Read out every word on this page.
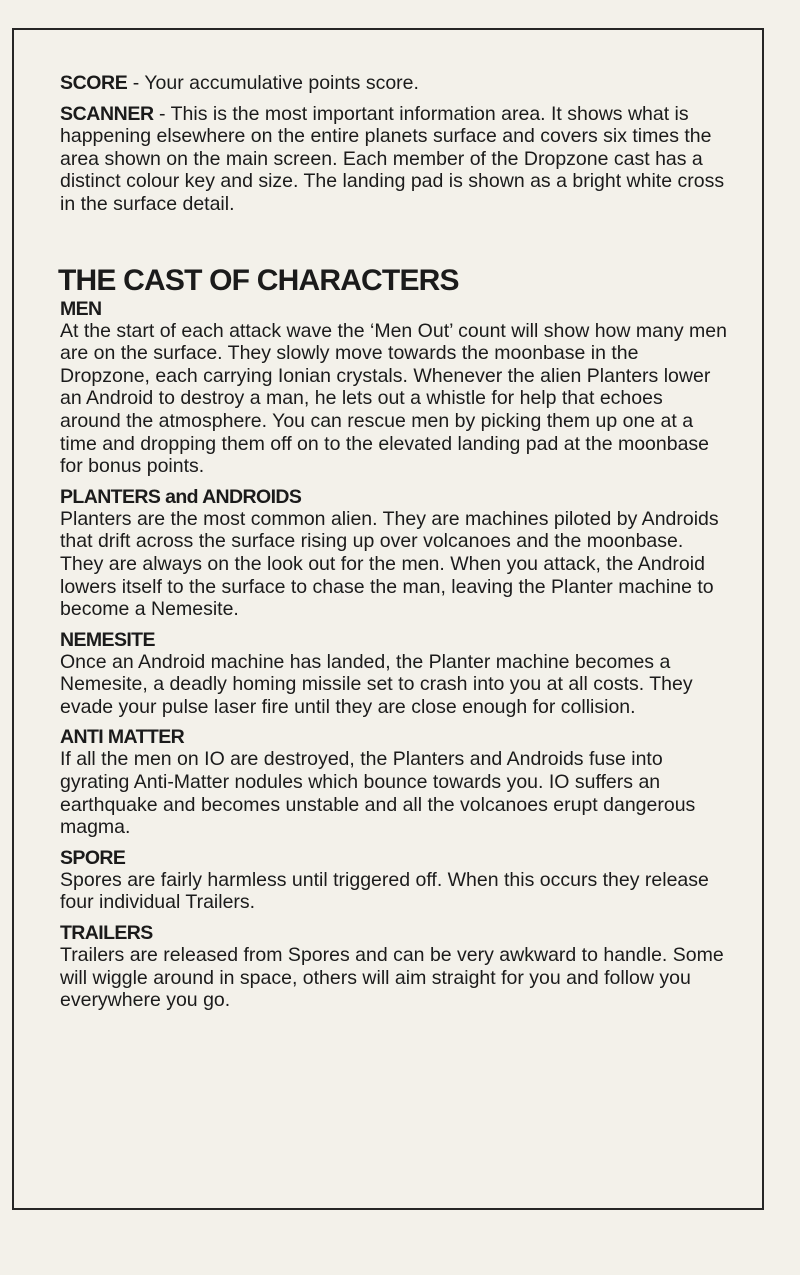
SCORE - Your accumulative points score.

SCANNER - This is the most important information area. It shows what is happening elsewhere on the entire planets surface and covers six times the area shown on the main screen. Each member of the Dropzone cast has a distinct colour key and size. The landing pad is shown as a bright white cross in the surface detail.

THE CAST OF CHARACTERS
MEN
At the start of each attack wave the ‘Men Out’ count will show how many men are on the surface. They slowly move towards the moonbase in the Dropzone, each carrying Ionian crystals. Whenever the alien Planters lower an Android to destroy a man, he lets out a whistle for help that echoes around the atmosphere. You can rescue men by picking them up one at a time and dropping them off on to the elevated landing pad at the moonbase for bonus points.
PLANTERS and ANDROIDS
Planters are the most common alien. They are machines piloted by Androids that drift across the surface rising up over volcanoes and the moonbase. They are always on the look out for the men. When you attack, the Android lowers itself to the surface to chase the man, leaving the Planter machine to become a Nemesite.
NEMESITE
Once an Android machine has landed, the Planter machine becomes a Nemesite, a deadly homing missile set to crash into you at all costs. They evade your pulse laser fire until they are close enough for collision.
ANTI MATTER
If all the men on IO are destroyed, the Planters and Androids fuse into gyrating Anti-Matter nodules which bounce towards you. IO suffers an earthquake and becomes unstable and all the volcanoes erupt dangerous magma.
SPORE
Spores are fairly harmless until triggered off. When this occurs they release four individual Trailers.
TRAILERS
Trailers are released from Spores and can be very awkward to handle. Some will wiggle around in space, others will aim straight for you and follow you everywhere you go.
